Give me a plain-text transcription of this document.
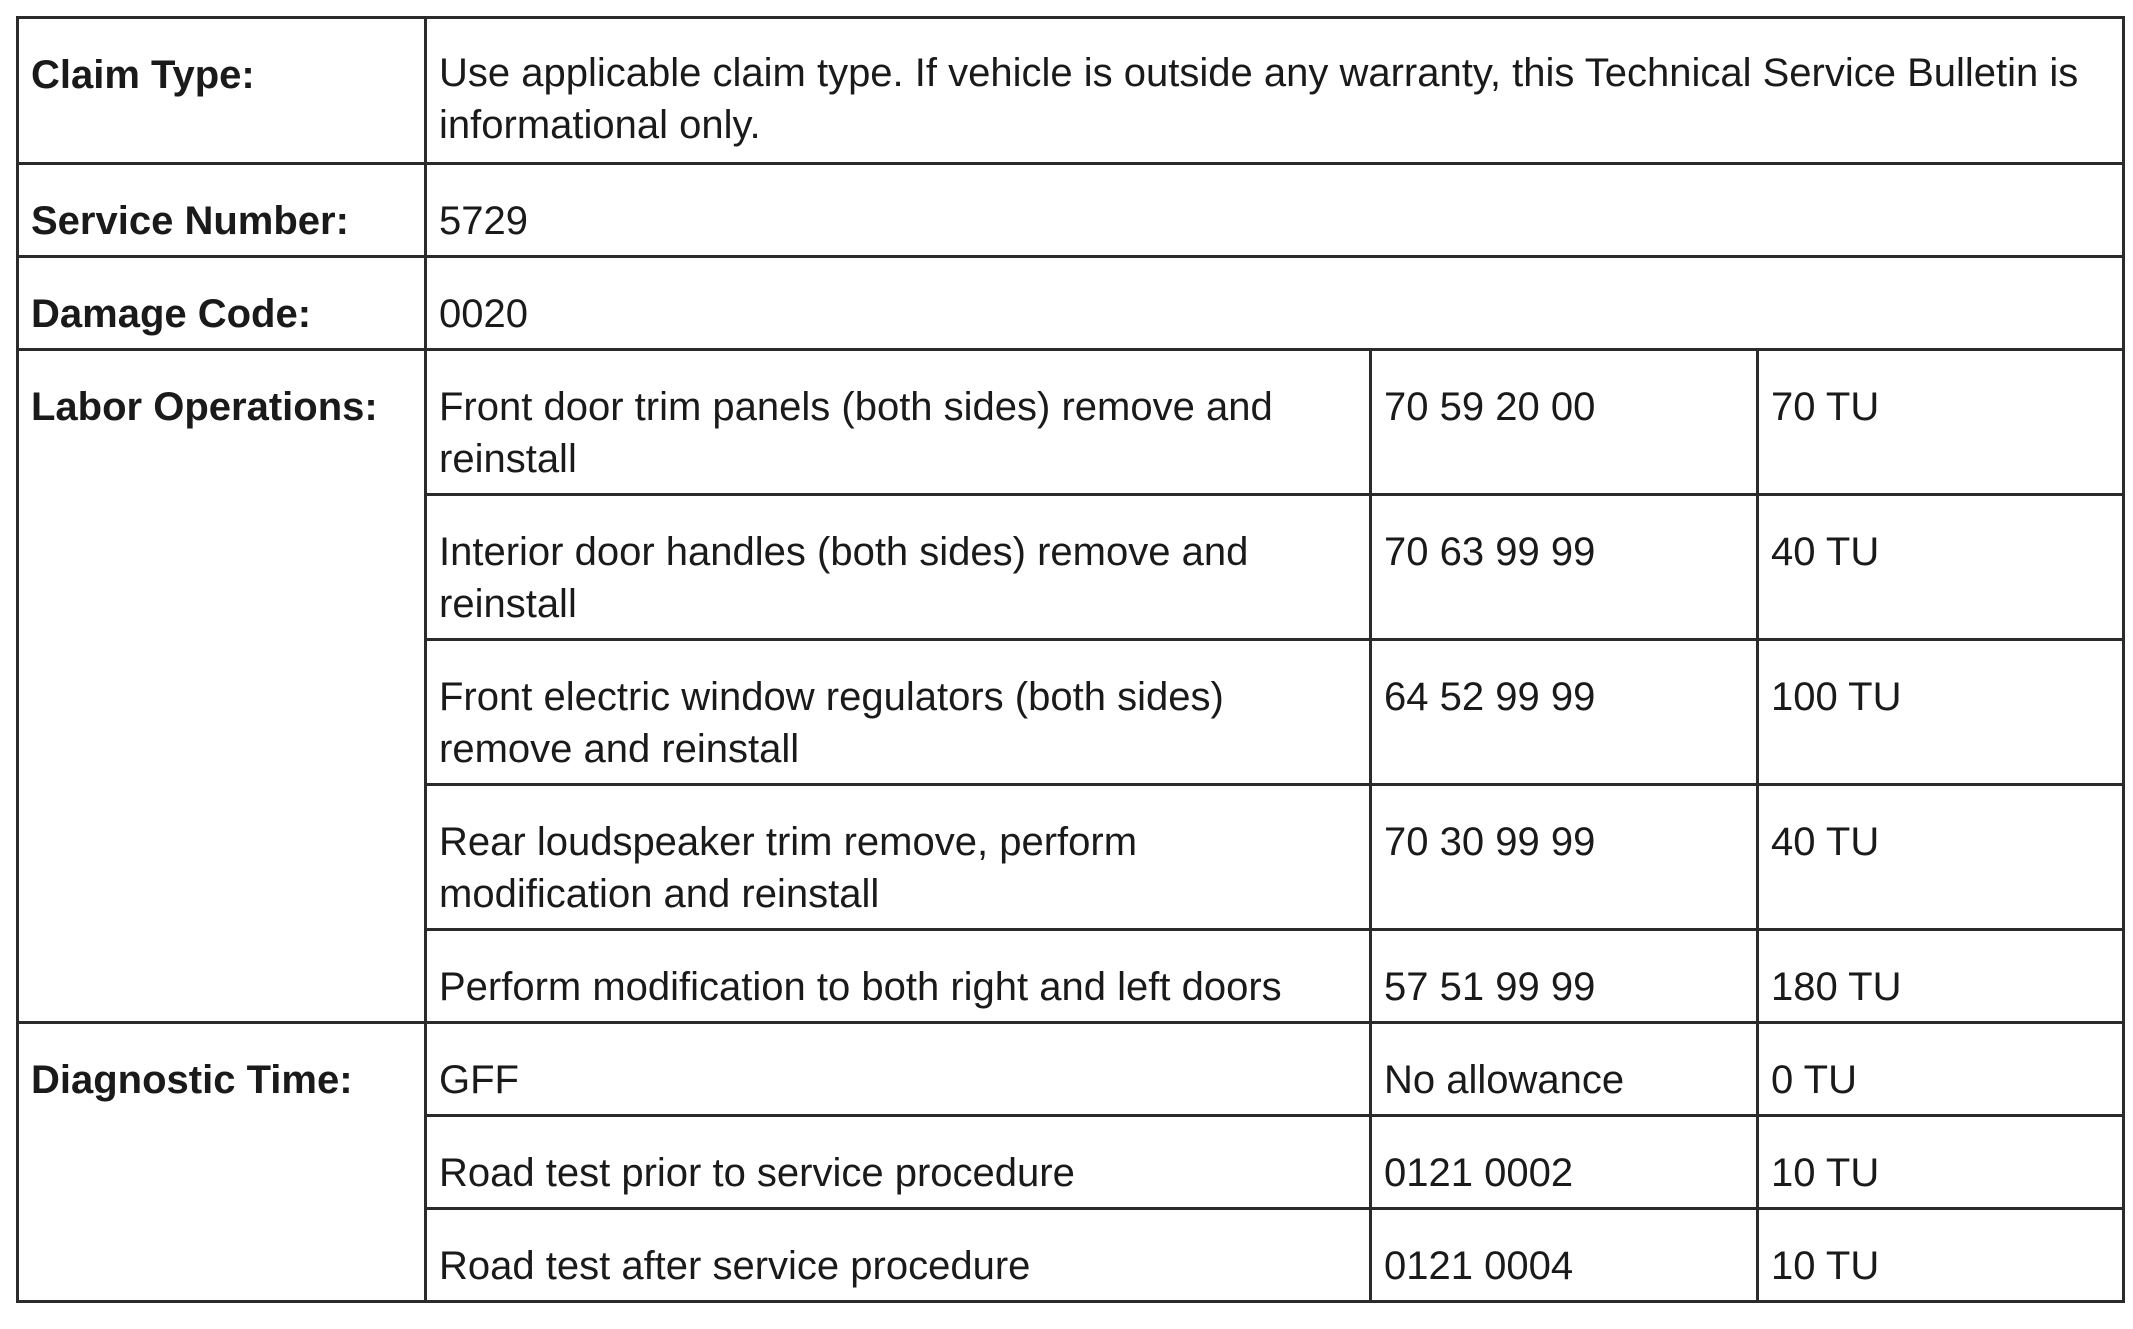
Claim Type:	Use applicable claim type. If vehicle is outside any warranty, this Technical Service Bulletin is informational only.		
Service Number:	5729		
Damage Code:	0020		
Labor Operations:	Front door trim panels (both sides) remove and reinstall	70 59 20 00	70 TU
	Interior door handles (both sides) remove and reinstall	70 63 99 99	40 TU
	Front electric window regulators (both sides) remove and reinstall	64 52 99 99	100 TU
	Rear loudspeaker trim remove, perform modification and reinstall	70 30 99 99	40 TU
	Perform modification to both right and left doors	57 51 99 99	180 TU
Diagnostic Time:	GFF	No allowance	0 TU
	Road test prior to service procedure	0121 0002	10 TU
	Road test after service procedure	0121 0004	10 TU
